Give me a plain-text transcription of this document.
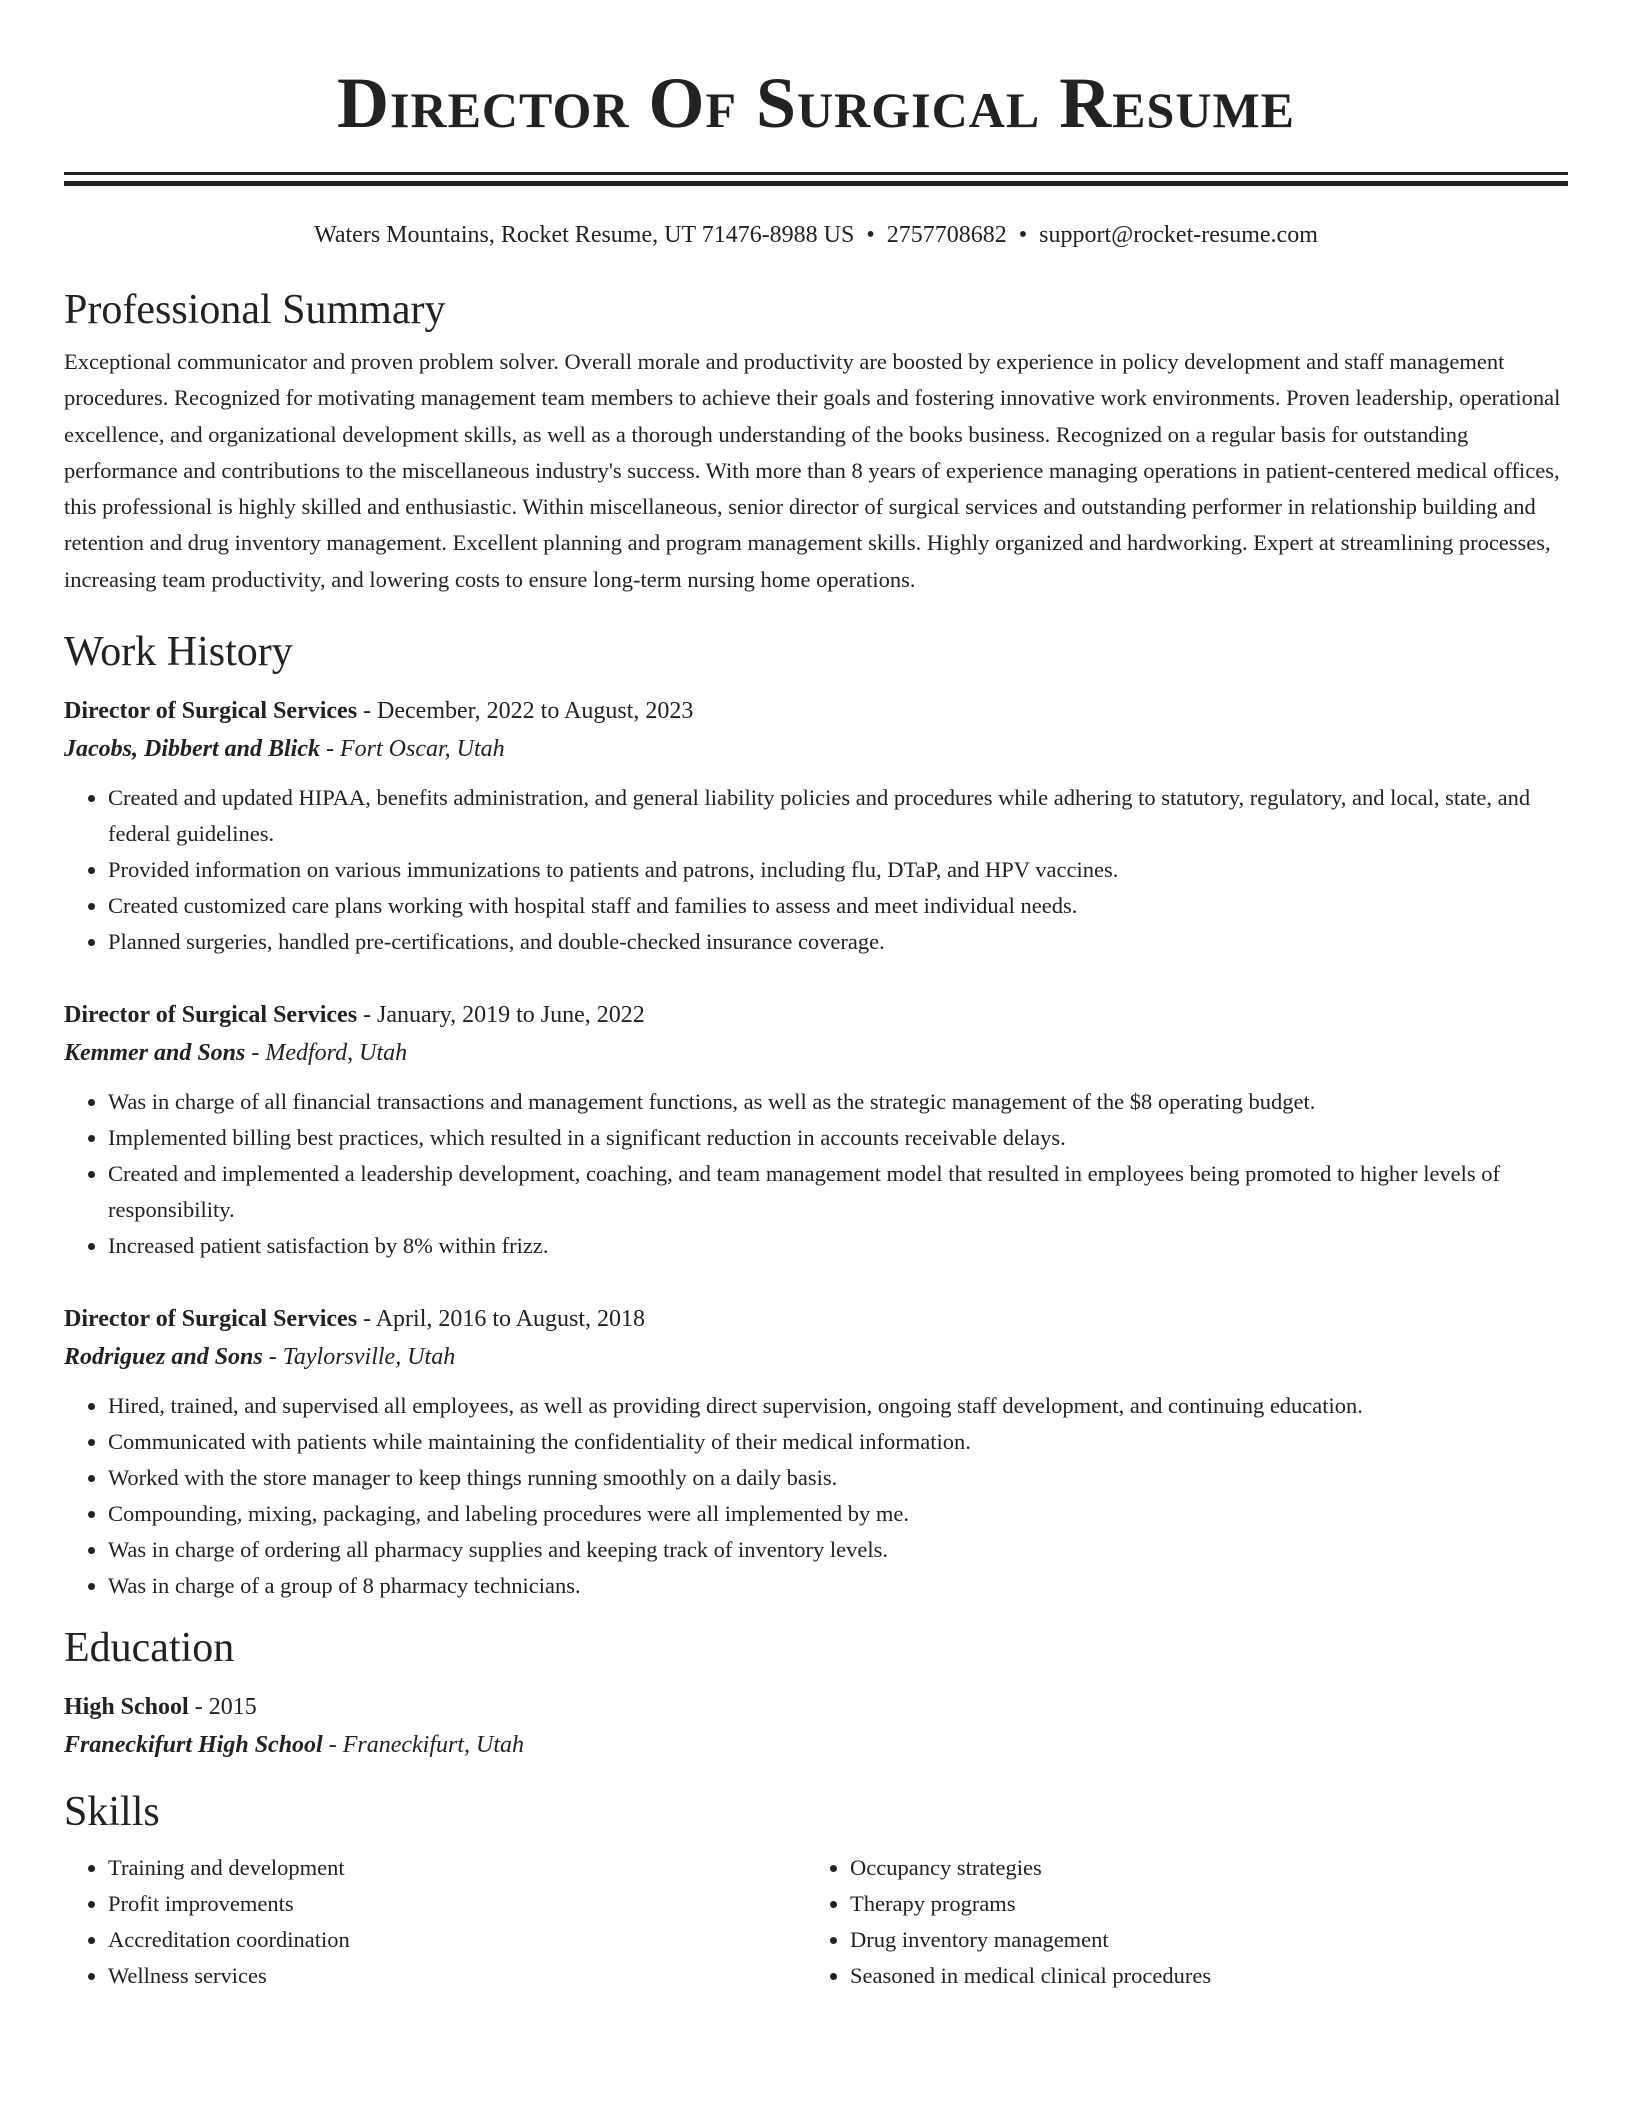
Director Of Surgical Resume
Waters Mountains, Rocket Resume, UT 71476-8988 US • 2757708682 • support@rocket-resume.com
Professional Summary
Exceptional communicator and proven problem solver. Overall morale and productivity are boosted by experience in policy development and staff management procedures. Recognized for motivating management team members to achieve their goals and fostering innovative work environments. Proven leadership, operational excellence, and organizational development skills, as well as a thorough understanding of the books business. Recognized on a regular basis for outstanding performance and contributions to the miscellaneous industry's success. With more than 8 years of experience managing operations in patient-centered medical offices, this professional is highly skilled and enthusiastic. Within miscellaneous, senior director of surgical services and outstanding performer in relationship building and retention and drug inventory management. Excellent planning and program management skills. Highly organized and hardworking. Expert at streamlining processes, increasing team productivity, and lowering costs to ensure long-term nursing home operations.
Work History
Director of Surgical Services - December, 2022 to August, 2023
Jacobs, Dibbert and Blick - Fort Oscar, Utah
• Created and updated HIPAA, benefits administration, and general liability policies and procedures while adhering to statutory, regulatory, and local, state, and federal guidelines.
• Provided information on various immunizations to patients and patrons, including flu, DTaP, and HPV vaccines.
• Created customized care plans working with hospital staff and families to assess and meet individual needs.
• Planned surgeries, handled pre-certifications, and double-checked insurance coverage.
Director of Surgical Services - January, 2019 to June, 2022
Kemmer and Sons - Medford, Utah
• Was in charge of all financial transactions and management functions, as well as the strategic management of the $8 operating budget.
• Implemented billing best practices, which resulted in a significant reduction in accounts receivable delays.
• Created and implemented a leadership development, coaching, and team management model that resulted in employees being promoted to higher levels of responsibility.
• Increased patient satisfaction by 8% within frizz.
Director of Surgical Services - April, 2016 to August, 2018
Rodriguez and Sons - Taylorsville, Utah
• Hired, trained, and supervised all employees, as well as providing direct supervision, ongoing staff development, and continuing education.
• Communicated with patients while maintaining the confidentiality of their medical information.
• Worked with the store manager to keep things running smoothly on a daily basis.
• Compounding, mixing, packaging, and labeling procedures were all implemented by me.
• Was in charge of ordering all pharmacy supplies and keeping track of inventory levels.
• Was in charge of a group of 8 pharmacy technicians.
Education
High School - 2015
Franeckifurt High School - Franeckifurt, Utah
Skills
• Training and development
• Profit improvements
• Accreditation coordination
• Wellness services
• Occupancy strategies
• Therapy programs
• Drug inventory management
• Seasoned in medical clinical procedures
